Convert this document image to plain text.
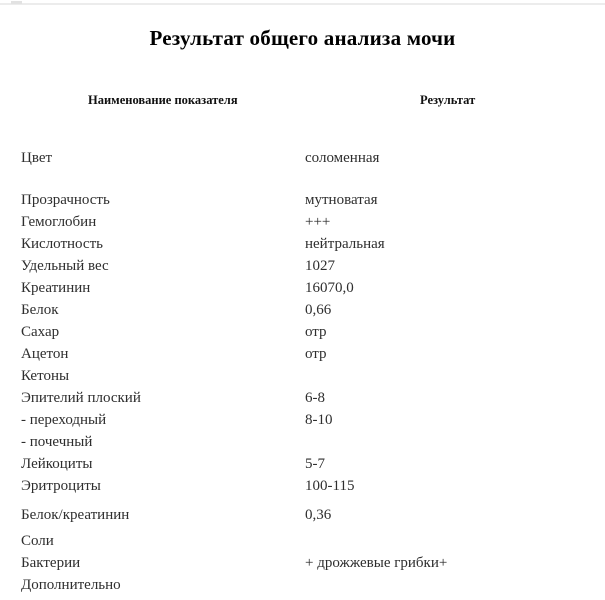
Результат общего анализа мочи
Наименование показателя	Результат
Цвет	соломенная
Прозрачность	мутноватая
Гемоглобин	+++
Кислотность	нейтральная
Удельный вес	1027
Креатинин	16070,0
Белок	0,66
Сахар	отр
Ацетон	отр
Кетоны
Эпителий плоский	6-8
- переходный	8-10
- почечный
Лейкоциты	5-7
Эритроциты	100-115
Белок/креатинин	0,36
Соли
Бактерии	+ дрожжевые грибки+
Дополнительно
